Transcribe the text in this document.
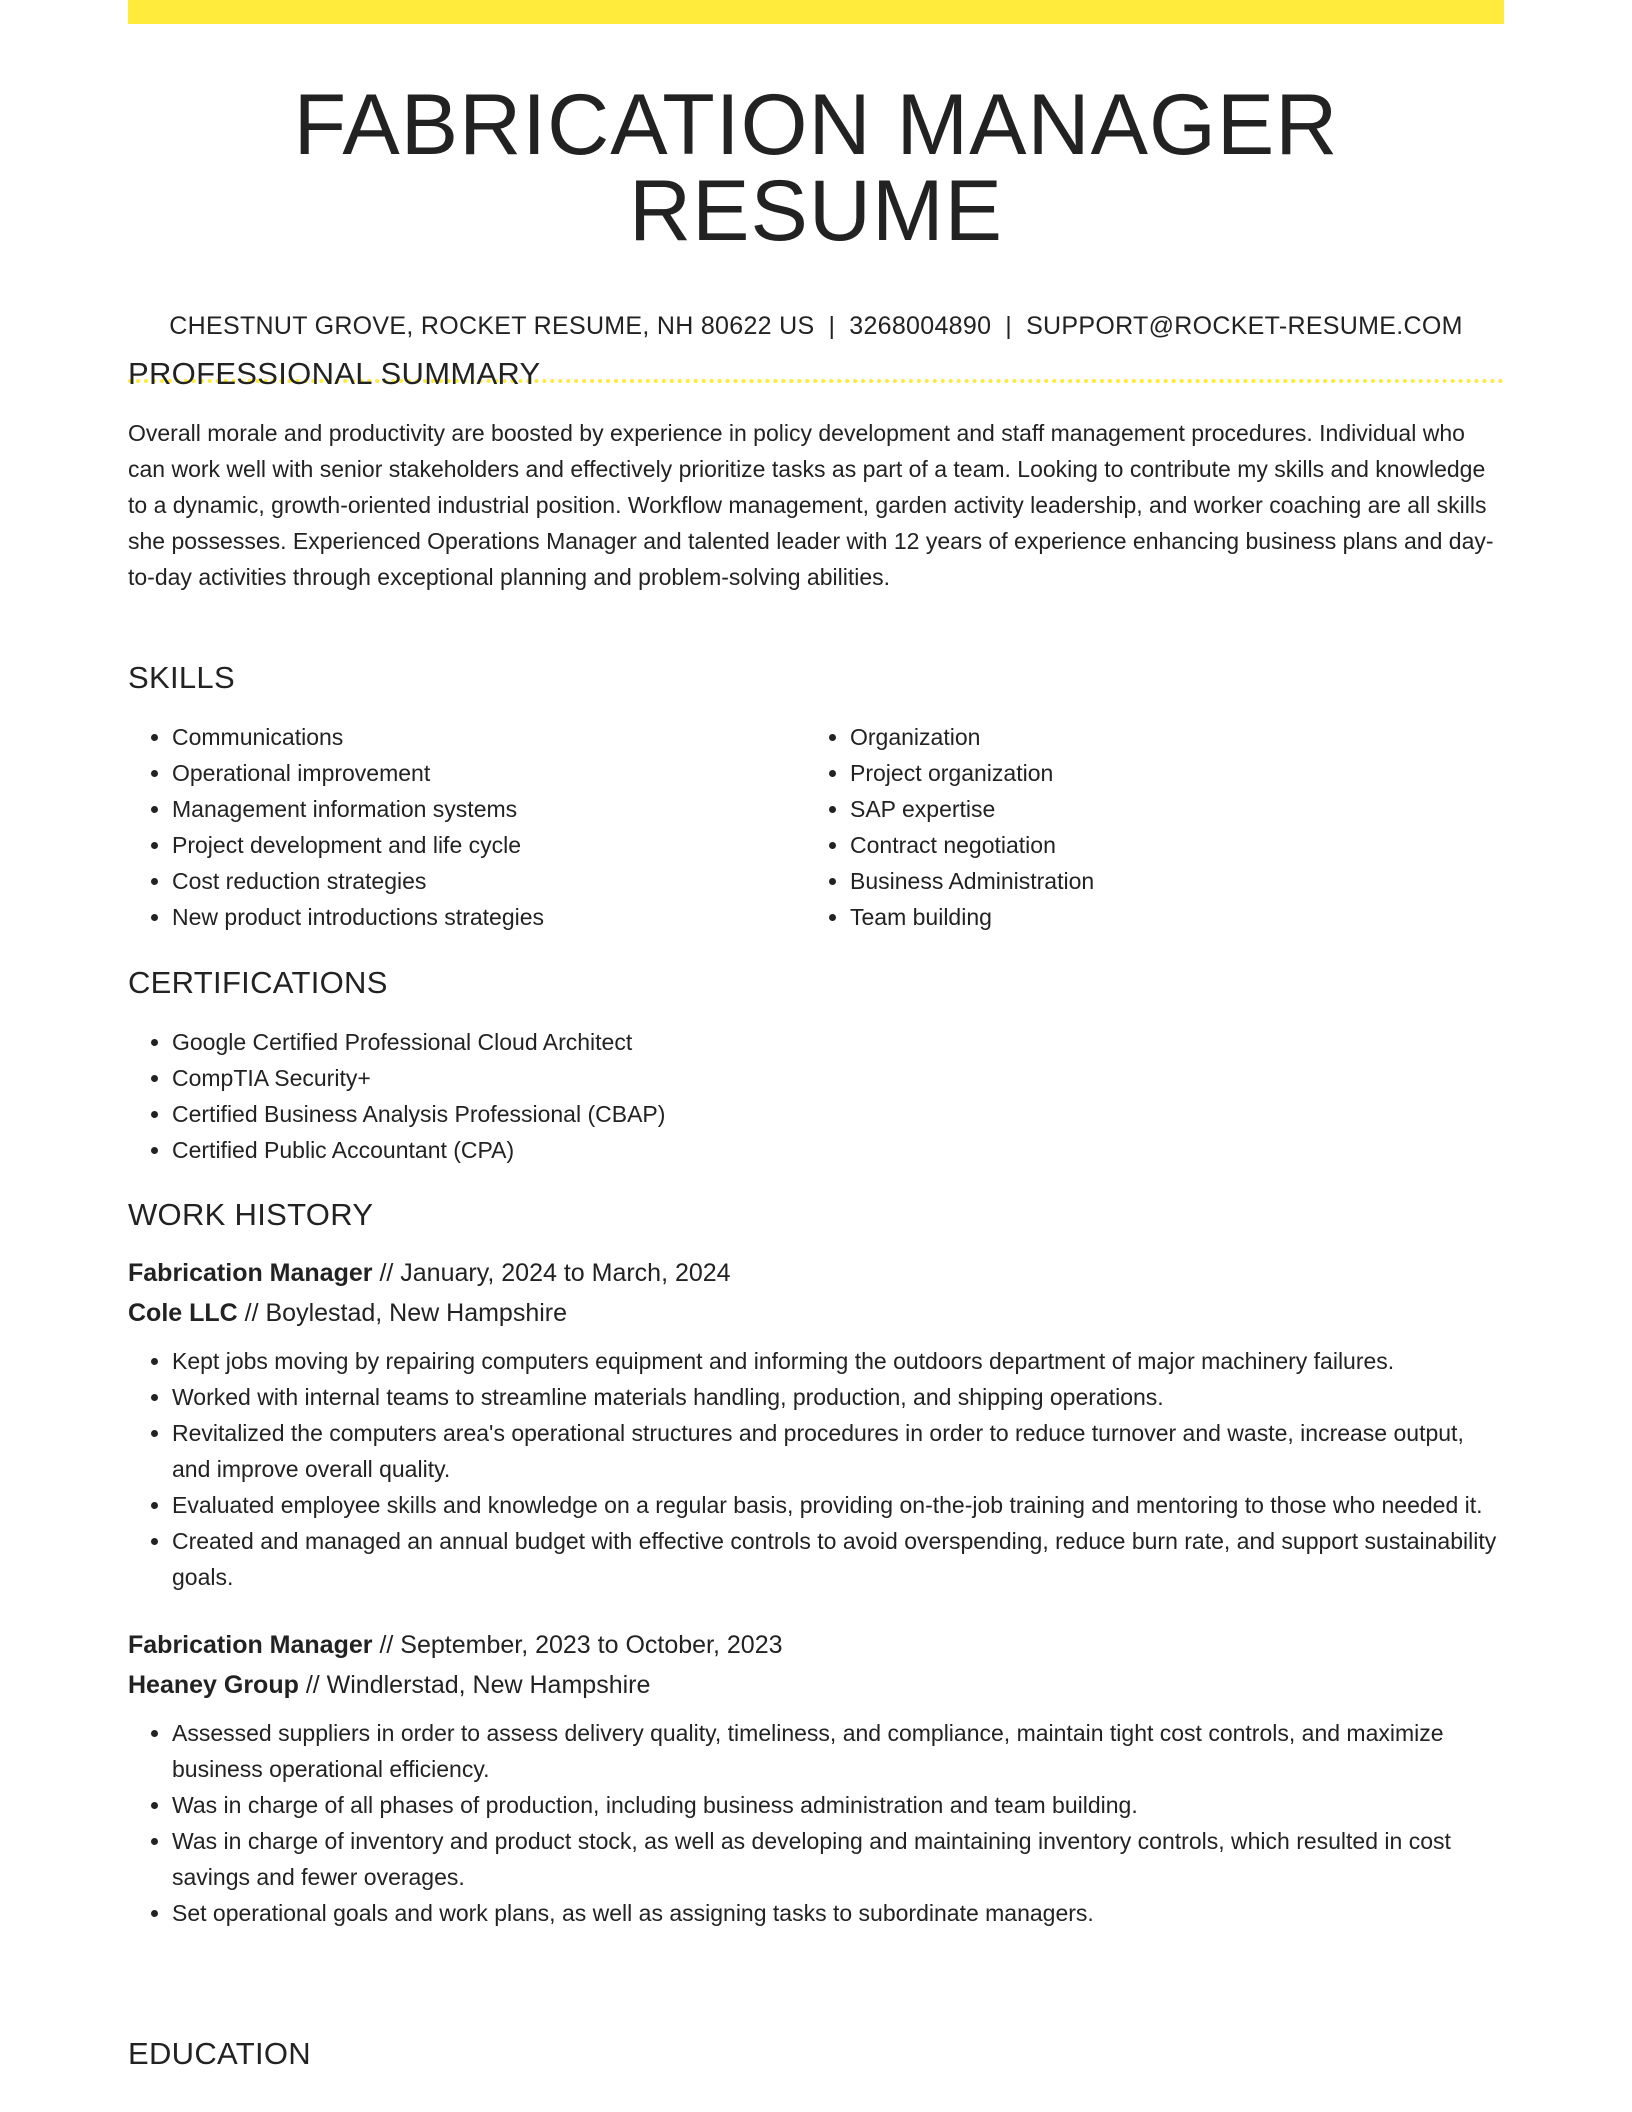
FABRICATION MANAGER RESUME
CHESTNUT GROVE, ROCKET RESUME, NH 80622 US | 3268004890 | SUPPORT@ROCKET-RESUME.COM
PROFESSIONAL SUMMARY

Overall morale and productivity are boosted by experience in policy development and staff management procedures. Individual who can work well with senior stakeholders and effectively prioritize tasks as part of a team. Looking to contribute my skills and knowledge to a dynamic, growth-oriented industrial position. Workflow management, garden activity leadership, and worker coaching are all skills she possesses. Experienced Operations Manager and talented leader with 12 years of experience enhancing business plans and day-to-day activities through exceptional planning and problem-solving abilities.

SKILLS
• Communications
• Operational improvement
• Management information systems
• Project development and life cycle
• Cost reduction strategies
• New product introductions strategies
• Organization
• Project organization
• SAP expertise
• Contract negotiation
• Business Administration
• Team building
CERTIFICATIONS
• Google Certified Professional Cloud Architect
• CompTIA Security+
• Certified Business Analysis Professional (CBAP)
• Certified Public Accountant (CPA)
WORK HISTORY
Fabrication Manager // January, 2024 to March, 2024
Cole LLC // Boylestad, New Hampshire
• Kept jobs moving by repairing computers equipment and informing the outdoors department of major machinery failures.
• Worked with internal teams to streamline materials handling, production, and shipping operations.
• Revitalized the computers area's operational structures and procedures in order to reduce turnover and waste, increase output, and improve overall quality.
• Evaluated employee skills and knowledge on a regular basis, providing on-the-job training and mentoring to those who needed it.
• Created and managed an annual budget with effective controls to avoid overspending, reduce burn rate, and support sustainability goals.
Fabrication Manager // September, 2023 to October, 2023
Heaney Group // Windlerstad, New Hampshire
• Assessed suppliers in order to assess delivery quality, timeliness, and compliance, maintain tight cost controls, and maximize business operational efficiency.
• Was in charge of all phases of production, including business administration and team building.
• Was in charge of inventory and product stock, as well as developing and maintaining inventory controls, which resulted in cost savings and fewer overages.
• Set operational goals and work plans, as well as assigning tasks to subordinate managers.
EDUCATION
